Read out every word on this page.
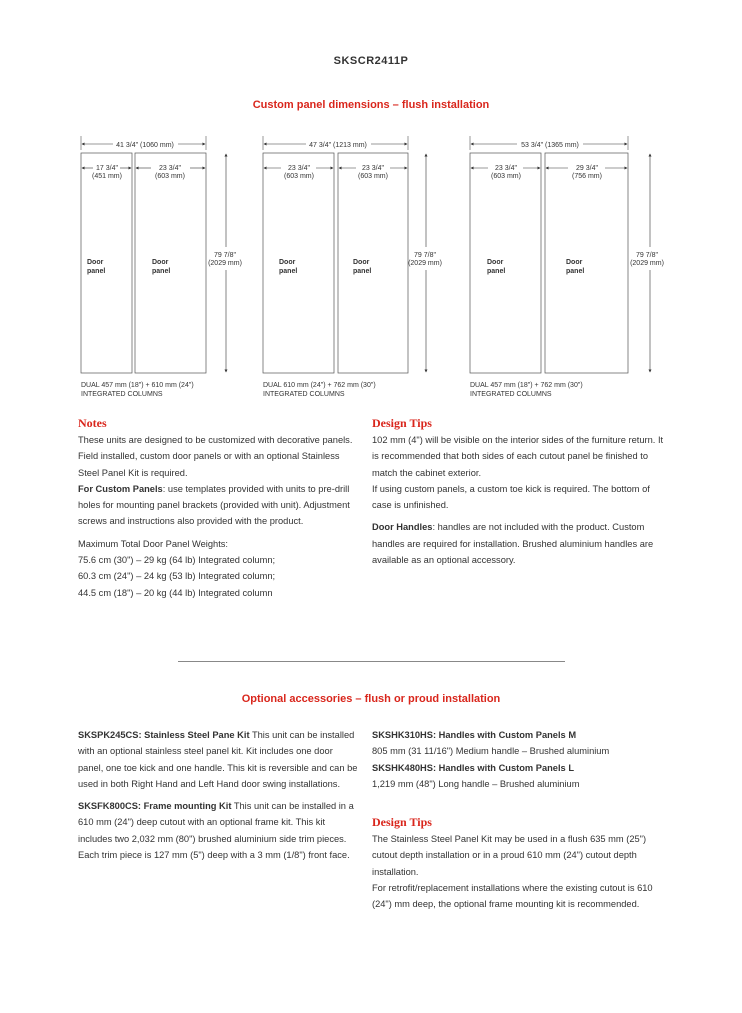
SKSCR2411P
Custom panel dimensions – flush installation
41 3/4" (1060 mm)
17 3/4"
(451 mm)
23 3/4"
(603 mm)
Door
panel
Door
panel
79 7/8"
(2029 mm)
DUAL 457 mm (18") + 610 mm (24")
INTEGRATED COLUMNS
47 3/4" (1213 mm)
23 3/4"
(603 mm)
23 3/4"
(603 mm)
Door
panel
Door
panel
79 7/8"
(2029 mm)
DUAL 610 mm (24") + 762 mm (30")
INTEGRATED COLUMNS
53 3/4" (1365 mm)
23 3/4"
(603 mm)
29 3/4"
(756 mm)
Door
panel
Door
panel
79 7/8"
(2029 mm)
DUAL 457 mm (18") + 762 mm (30")
INTEGRATED COLUMNS
Notes

These units are designed to be customized with decorative panels. Field installed, custom door panels or with an optional Stainless Steel Panel Kit is required.

For Custom Panels: use templates provided with units to pre-drill holes for mounting panel brackets (provided with unit). Adjustment screws and instructions also provided with the product.

Maximum Total Door Panel Weights:

75.6 cm (30") – 29 kg (64 lb) Integrated column;

60.3 cm (24") – 24 kg (53 lb) Integrated column;

44.5 cm (18") – 20 kg (44 lb) Integrated column

Design Tips

102 mm (4") will be visible on the interior sides of the furniture return. It is recommended that both sides of each cutout panel be finished to match the cabinet exterior.

If using custom panels, a custom toe kick is required. The bottom of case is unfinished.

Door Handles: handles are not included with the product. Custom handles are required for installation. Brushed aluminium handles are available as an optional accessory.

Optional accessories – flush or proud installation

SKSPK245CS: Stainless Steel Pane Kit This unit can be installed with an optional stainless steel panel kit. Kit includes one door panel, one toe kick and one handle. This kit is reversible and can be used in both Right Hand and Left Hand door swing installations.

SKSFK800CS: Frame mounting Kit This unit can be installed in a 610 mm (24") deep cutout with an optional frame kit. This kit includes two 2,032 mm (80") brushed aluminium side trim pieces.

Each trim piece is 127 mm (5") deep with a 3 mm (1/8") front face.

SKSHK310HS: Handles with Custom Panels M

805 mm (31 11/16") Medium handle – Brushed aluminium

SKSHK480HS: Handles with Custom Panels L

1,219 mm (48") Long handle – Brushed aluminium

Design Tips

The Stainless Steel Panel Kit may be used in a flush 635 mm (25") cutout depth installation or in a proud 610 mm (24") cutout depth installation.

For retrofit/replacement installations where the existing cutout is 610 (24") mm deep, the optional frame mounting kit is recommended.
